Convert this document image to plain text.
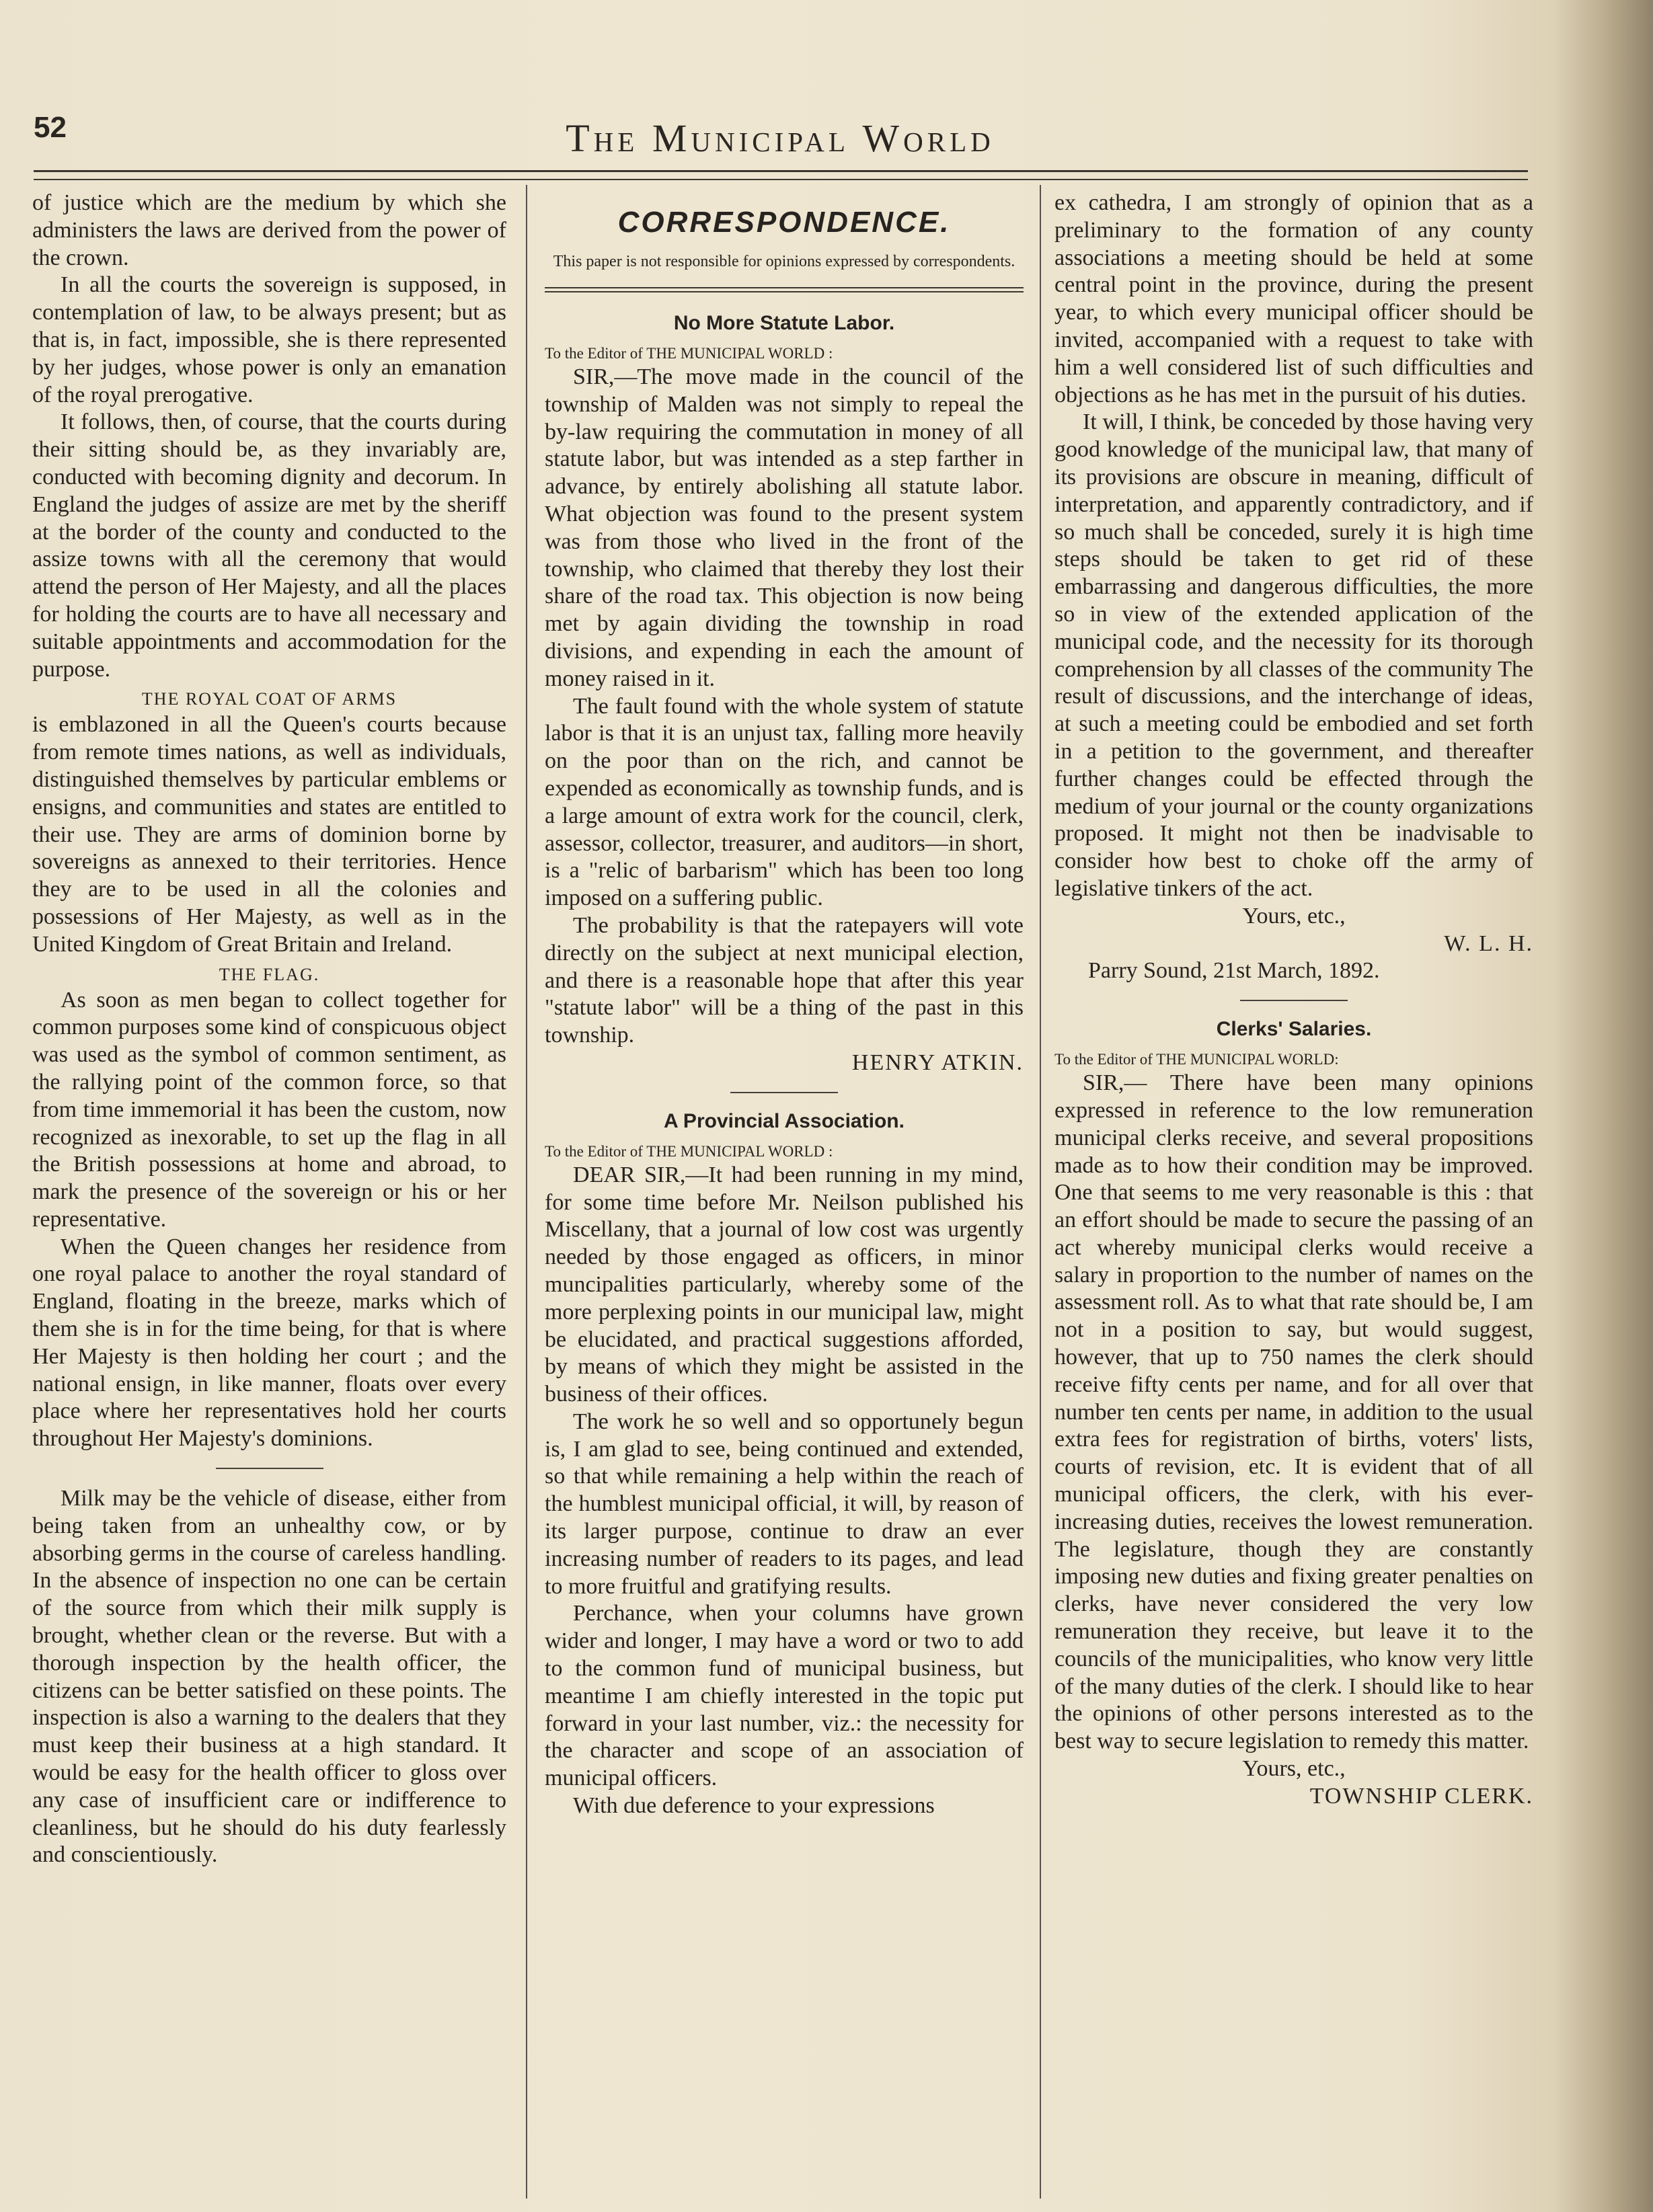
52	The Municipal World

of justice which are the medium by which she administers the laws are derived from the power of the crown.

In all the courts the sovereign is supposed, in contemplation of law, to be always present; but as that is, in fact, impossible, she is there represented by her judges, whose power is only an emanation of the royal prerogative.

It follows, then, of course, that the courts during their sitting should be, as they invariably are, conducted with becoming dignity and decorum. In England the judges of assize are met by the sheriff at the border of the county and conducted to the assize towns with all the ceremony that would attend the person of Her Majesty, and all the places for holding the courts are to have all necessary and suitable appointments and accommodation for the purpose.

THE ROYAL COAT OF ARMS

is emblazoned in all the Queen's courts because from remote times nations, as well as individuals, distinguished themselves by particular emblems or ensigns, and communities and states are entitled to their use. They are arms of dominion borne by sovereigns as annexed to their territories. Hence they are to be used in all the colonies and possessions of Her Majesty, as well as in the United Kingdom of Great Britain and Ireland.

THE FLAG.

As soon as men began to collect together for common purposes some kind of conspicuous object was used as the symbol of common sentiment, as the rallying point of the common force, so that from time immemorial it has been the custom, now recognized as inexorable, to set up the flag in all the British possessions at home and abroad, to mark the presence of the sovereign or his or her representative.

When the Queen changes her residence from one royal palace to another the royal standard of England, floating in the breeze, marks which of them she is in for the time being, for that is where Her Majesty is then holding her court ; and the national ensign, in like manner, floats over every place where her representatives hold her courts throughout Her Majesty's dominions.

Milk may be the vehicle of disease, either from being taken from an unhealthy cow, or by absorbing germs in the course of careless handling. In the absence of inspection no one can be certain of the source from which their milk supply is brought, whether clean or the reverse. But with a thorough inspection by the health officer, the citizens can be better satisfied on these points. The inspection is also a warning to the dealers that they must keep their business at a high standard. It would be easy for the health officer to gloss over any case of insufficient care or indifference to cleanliness, but he should do his duty fearlessly and conscientiously.

CORRESPONDENCE.
This paper is not responsible for opinions expressed by correspondents.
No More Statute Labor.

To the Editor of THE MUNICIPAL WORLD :

SIR,—The move made in the council of the township of Malden was not simply to repeal the by-law requiring the commutation in money of all statute labor, but was intended as a step farther in advance, by entirely abolishing all statute labor. What objection was found to the present system was from those who lived in the front of the township, who claimed that thereby they lost their share of the road tax. This objection is now being met by again dividing the township in road divisions, and expending in each the amount of money raised in it.

The fault found with the whole system of statute labor is that it is an unjust tax, falling more heavily on the poor than on the rich, and cannot be expended as economically as township funds, and is a large amount of extra work for the council, clerk, assessor, collector, treasurer, and auditors—in short, is a "relic of barbarism" which has been too long imposed on a suffering public.

The probability is that the ratepayers will vote directly on the subject at next municipal election, and there is a reasonable hope that after this year "statute labor" will be a thing of the past in this township.

HENRY ATKIN.

A Provincial Association.

To the Editor of THE MUNICIPAL WORLD :

DEAR SIR,—It had been running in my mind, for some time before Mr. Neilson published his Miscellany, that a journal of low cost was urgently needed by those engaged as officers, in minor muncipalities particularly, whereby some of the more perplexing points in our municipal law, might be elucidated, and practical suggestions afforded, by means of which they might be assisted in the business of their offices.

The work he so well and so opportunely begun is, I am glad to see, being continued and extended, so that while remaining a help within the reach of the humblest municipal official, it will, by reason of its larger purpose, continue to draw an ever increasing number of readers to its pages, and lead to more fruitful and gratifying results.

Perchance, when your columns have grown wider and longer, I may have a word or two to add to the common fund of municipal business, but meantime I am chiefly interested in the topic put forward in your last number, viz.: the necessity for the character and scope of an association of municipal officers.

With due deference to your expressions

ex cathedra, I am strongly of opinion that as a preliminary to the formation of any county associations a meeting should be held at some central point in the province, during the present year, to which every municipal officer should be invited, accompanied with a request to take with him a well considered list of such difficulties and objections as he has met in the pursuit of his duties.

It will, I think, be conceded by those having very good knowledge of the municipal law, that many of its provisions are obscure in meaning, difficult of interpretation, and apparently contradictory, and if so much shall be conceded, surely it is high time steps should be taken to get rid of these embarrassing and dangerous difficulties, the more so in view of the extended application of the municipal code, and the necessity for its thorough comprehension by all classes of the community The result of discussions, and the interchange of ideas, at such a meeting could be embodied and set forth in a petition to the government, and thereafter further changes could be effected through the medium of your journal or the county organizations proposed. It might not then be inadvisable to consider how best to choke off the army of legislative tinkers of the act.

Yours, etc.,

W. L. H.

Parry Sound, 21st March, 1892.

Clerks' Salaries.

To the Editor of THE MUNICIPAL WORLD:

SIR,— There have been many opinions expressed in reference to the low remuneration municipal clerks receive, and several propositions made as to how their condition may be improved. One that seems to me very reasonable is this : that an effort should be made to secure the passing of an act whereby municipal clerks would receive a salary in proportion to the number of names on the assessment roll. As to what that rate should be, I am not in a position to say, but would suggest, however, that up to 750 names the clerk should receive fifty cents per name, and for all over that number ten cents per name, in addition to the usual extra fees for registration of births, voters' lists, courts of revision, etc. It is evident that of all municipal officers, the clerk, with his ever-increasing duties, receives the lowest remuneration. The legislature, though they are constantly imposing new duties and fixing greater penalties on clerks, have never considered the very low remuneration they receive, but leave it to the councils of the municipalities, who know very little of the many duties of the clerk. I should like to hear the opinions of other persons interested as to the best way to secure legislation to remedy this matter.

Yours, etc.,

TOWNSHIP CLERK.
